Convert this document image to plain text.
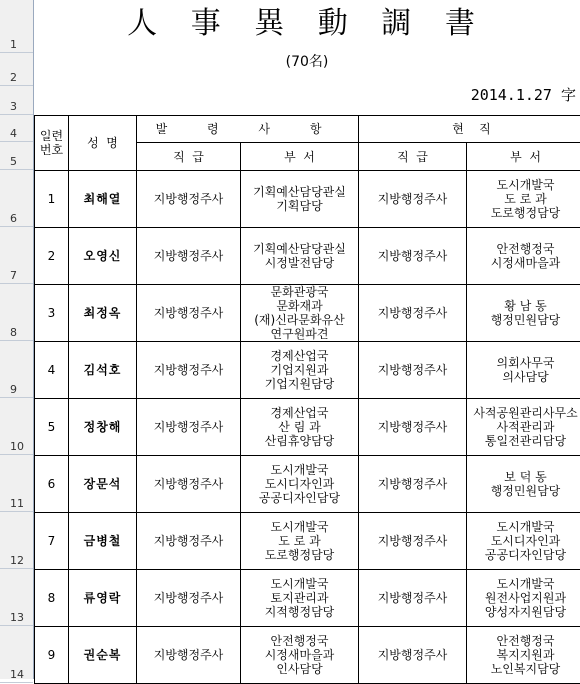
1
2
3
4
5
6
7
8
9
10
11
12
13
14
人 事 異 動 調 書
(70名)
2014.1.27 字
일련
번호	성  명	발 령 사 항		현    직	
		직  급	부  서	직  급	부  서
1	최해열	지방행정주사	기획예산담당관실
기획담당	지방행정주사	도시개발국
도 로 과
도로행정담당
2	오영신	지방행정주사	기획예산담당관실
시정발전담당	지방행정주사	안전행정국
시정새마을과
3	최정옥	지방행정주사	문화관광국
문화재과
(재)신라문화유산
연구원파견	지방행정주사	황 남 동
행정민원담당
4	김석호	지방행정주사	경제산업국
기업지원과
기업지원담당	지방행정주사	의회사무국
의사담당
5	정창해	지방행정주사	경제산업국
산 림 과
산림휴양담당	지방행정주사	사적공원관리사무소
사적관리과
통일전관리담당
6	장문석	지방행정주사	도시개발국
도시디자인과
공공디자인담당	지방행정주사	보 덕 동
행정민원담당
7	금병철	지방행정주사	도시개발국
도 로 과
도로행정담당	지방행정주사	도시개발국
도시디자인과
공공디자인담당
8	류영락	지방행정주사	도시개발국
토지관리과
지적행정담당	지방행정주사	도시개발국
원전사업지원과
양성자지원담당
9	권순복	지방행정주사	안전행정국
시정새마을과
인사담당	지방행정주사	안전행정국
복지지원과
노인복지담당
